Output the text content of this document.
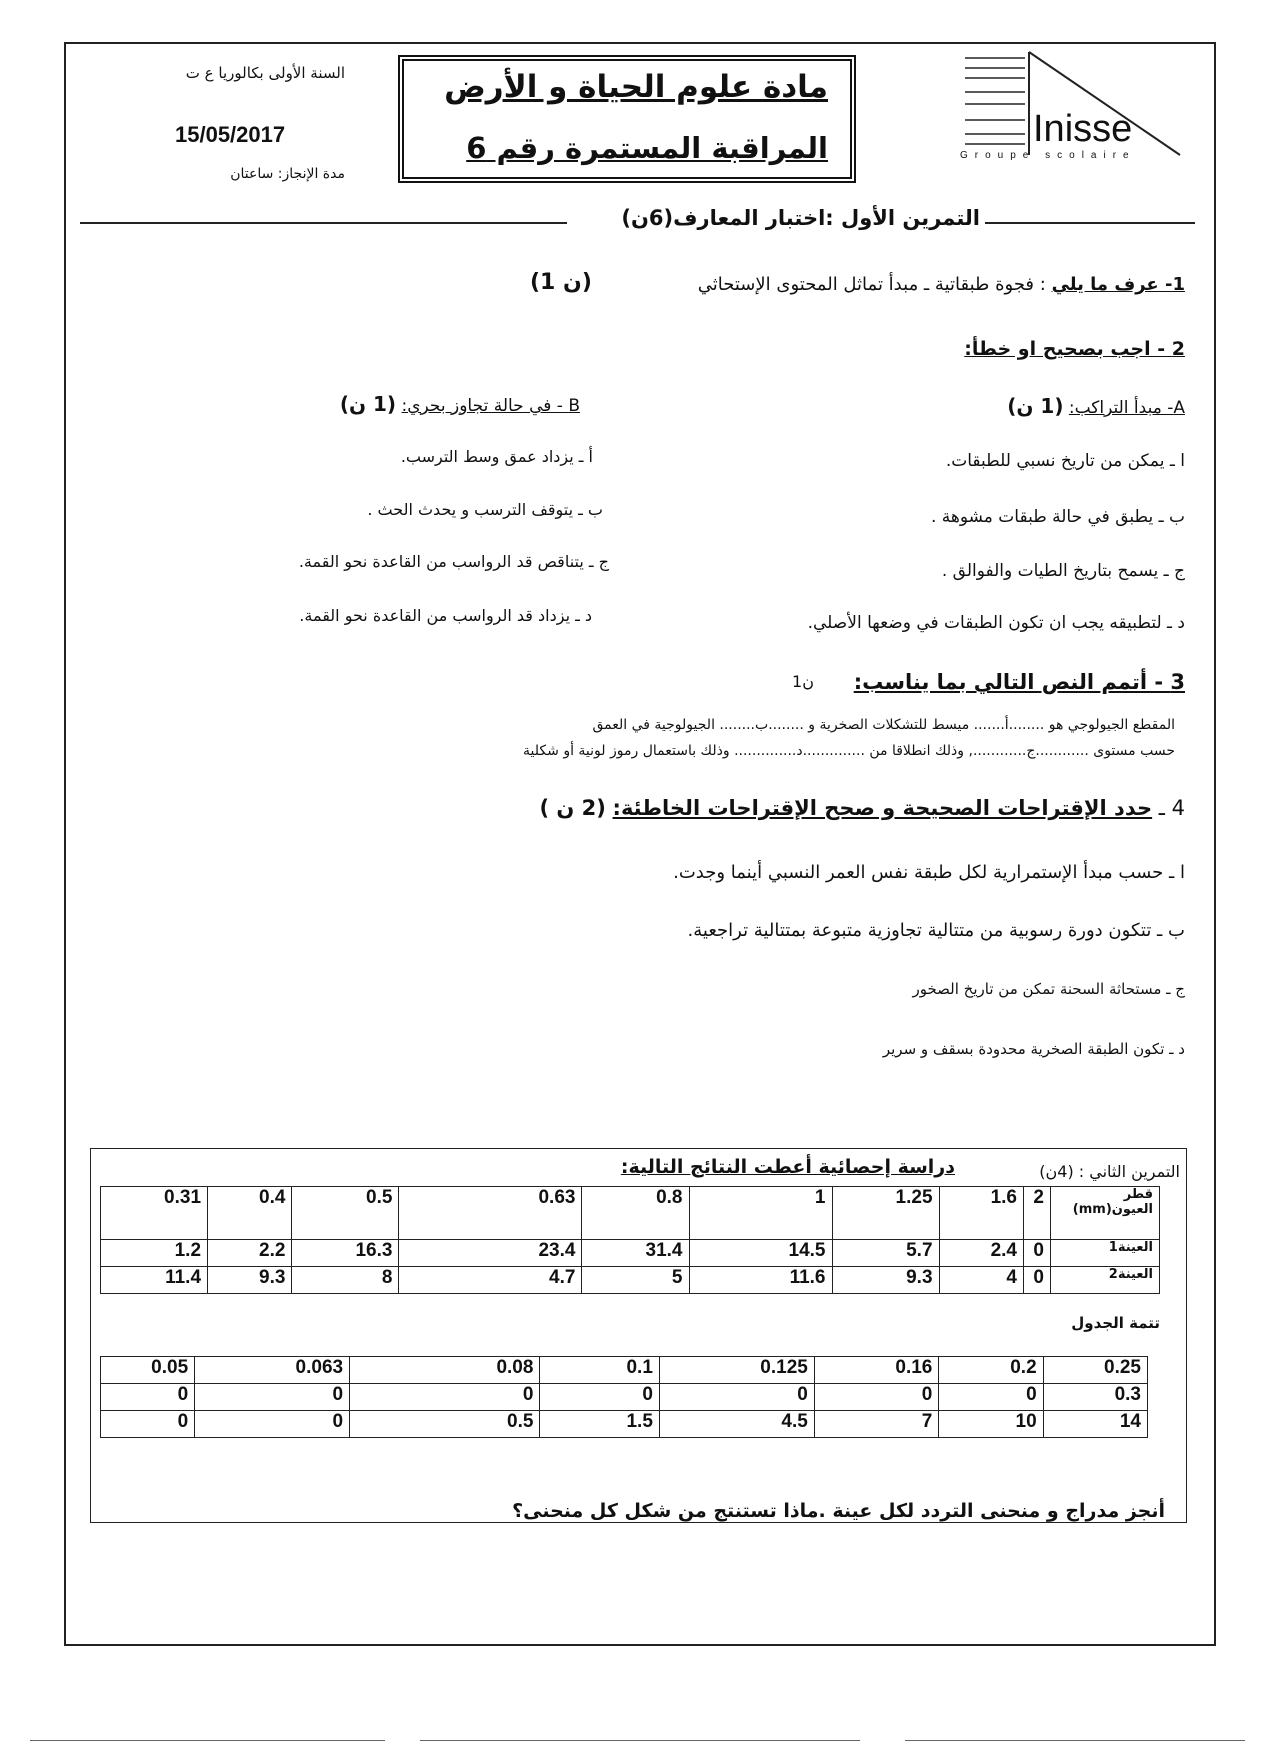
السنة الأولى بكالوريا ع ت
15/05/2017
مدة الإنجاز: ساعتان
مادة علوم الحياة و الأرض
المراقبة المستمرة رقم 6	Inisse
Groupe scolaire
التمرين الأول :اختبار المعارف(6ن)
1- عرف ما يلي : فجوة طبقاتية ـ مبدأ تماثل المحتوى الإستحاثي
(1 ن)
2 - اجب بصحيح او خطأ:
A- مبدأ التراكب: (1 ن)
ا ـ يمكن من تاريخ نسبي للطبقات.
ب ـ يطبق في حالة طبقات مشوهة .
ج ـ يسمح بتاريخ الطيات والفوالق .
د ـ لتطبيقه يجب ان تكون الطبقات في وضعها الأصلي.
B - في حالة تجاوز بحري: (1 ن)
أ ـ يزداد عمق وسط الترسب.
ب ـ يتوقف الترسب و يحدث الحث .
ج ـ يتناقص قد الرواسب من القاعدة نحو القمة.
د ـ يزداد قد الرواسب من القاعدة نحو القمة.
3 - أتمم النص التالي بما يناسب:
1ن
المقطع الجيولوجي هو ........أ....... ميسط للتشكلات الصخرية و ........ب........ الجيولوجية في العمق
حسب مستوى ............ج............, وذلك انطلاقا من ..............د.............. وذلك باستعمال رموز لونية أو شكلية
4 ـ حدد الإقتراحات الصحيحة و صحح الإقتراحات الخاطئة: (2 ن )
ا ـ حسب مبدأ الإستمرارية لكل طبقة نفس العمر النسبي أينما وجدت.
ب ـ تتكون دورة رسوبية من متتالية تجاوزية متبوعة بمتتالية تراجعية.
ج ـ مستحاثة السحنة تمكن من تاريخ الصخور
د ـ تكون الطبقة الصخرية محدودة بسقف و سرير
التمرين الثاني : (4ن)
دراسة إحصائية أعطت النتائج التالية:
0.31	0.4	0.5	0.63	0.8	1	1.25	1.6	2	قطر العيون(mm)
1.2	2.2	16.3	23.4	31.4	14.5	5.7	2.4	0	العينة1
11.4	9.3	8	4.7	5	11.6	9.3	4	0	العينة2
تتمة الجدول
0.05	0.063	0.08	0.1	0.125	0.16	0.2	0.25
0	0	0	0	0	0	0	0.3
0	0	0.5	1.5	4.5	7	10	14
أنجز مدراج و منحنى التردد لكل عينة .ماذا تستنتج من شكل كل منحنى؟
